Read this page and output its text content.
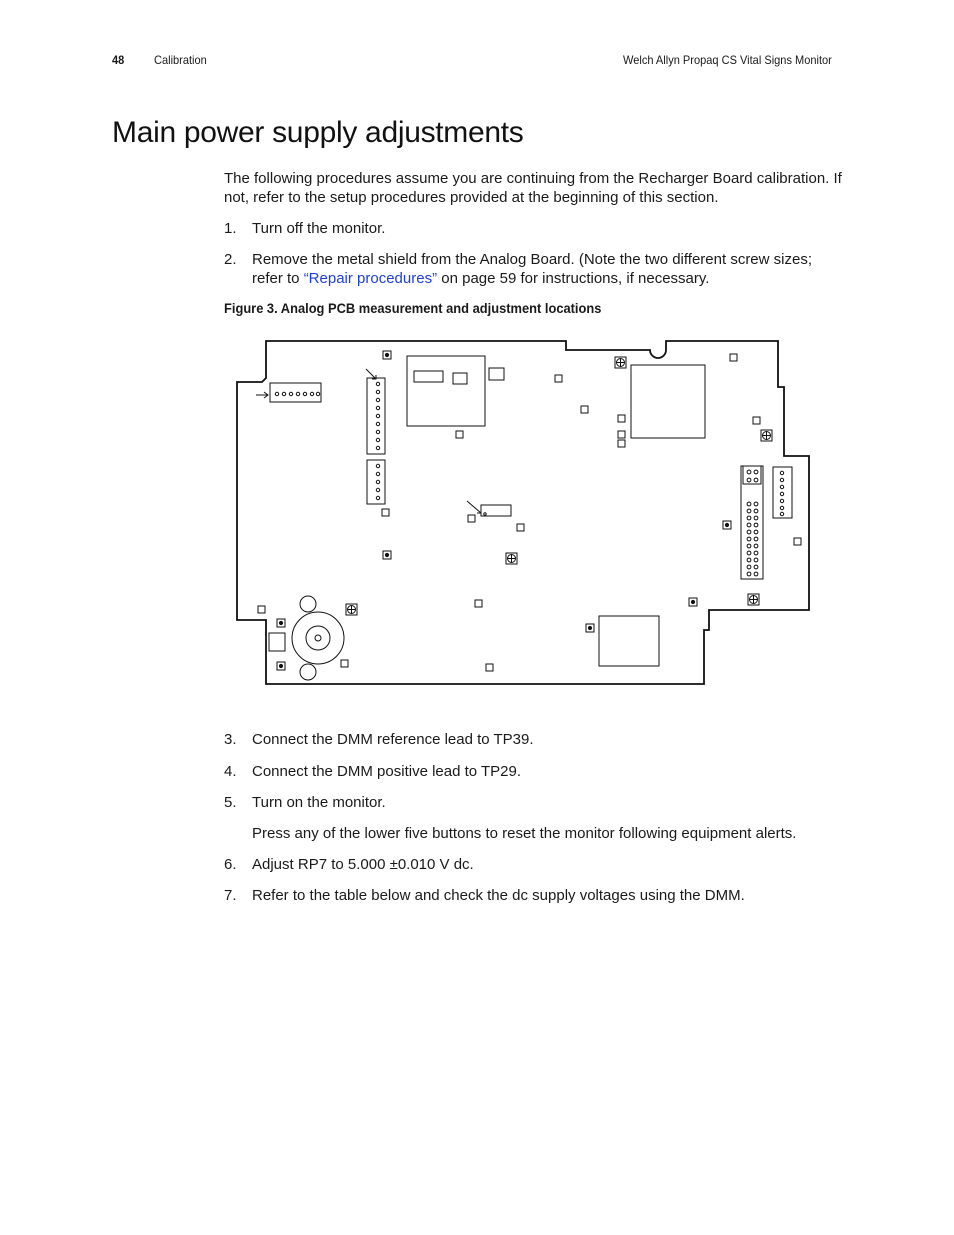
48 Calibration	Welch Allyn Propaq CS Vital Signs Monitor
Main power supply adjustments
The following procedures assume you are continuing from the Recharger Board calibration. If not, refer to the setup procedures provided at the beginning of this section.
1. Turn off the monitor.
2. Remove the metal shield from the Analog Board. (Note the two different screw sizes; refer to “Repair procedures” on page 59 for instructions, if necessary.
Figure 3. Analog PCB measurement and adjustment locations
3. Connect the DMM reference lead to TP39.
4. Connect the DMM positive lead to TP29.
5. Turn on the monitor.
Press any of the lower five buttons to reset the monitor following equipment alerts.
6. Adjust RP7 to 5.000 ±0.010 V dc.
7. Refer to the table below and check the dc supply voltages using the DMM.
